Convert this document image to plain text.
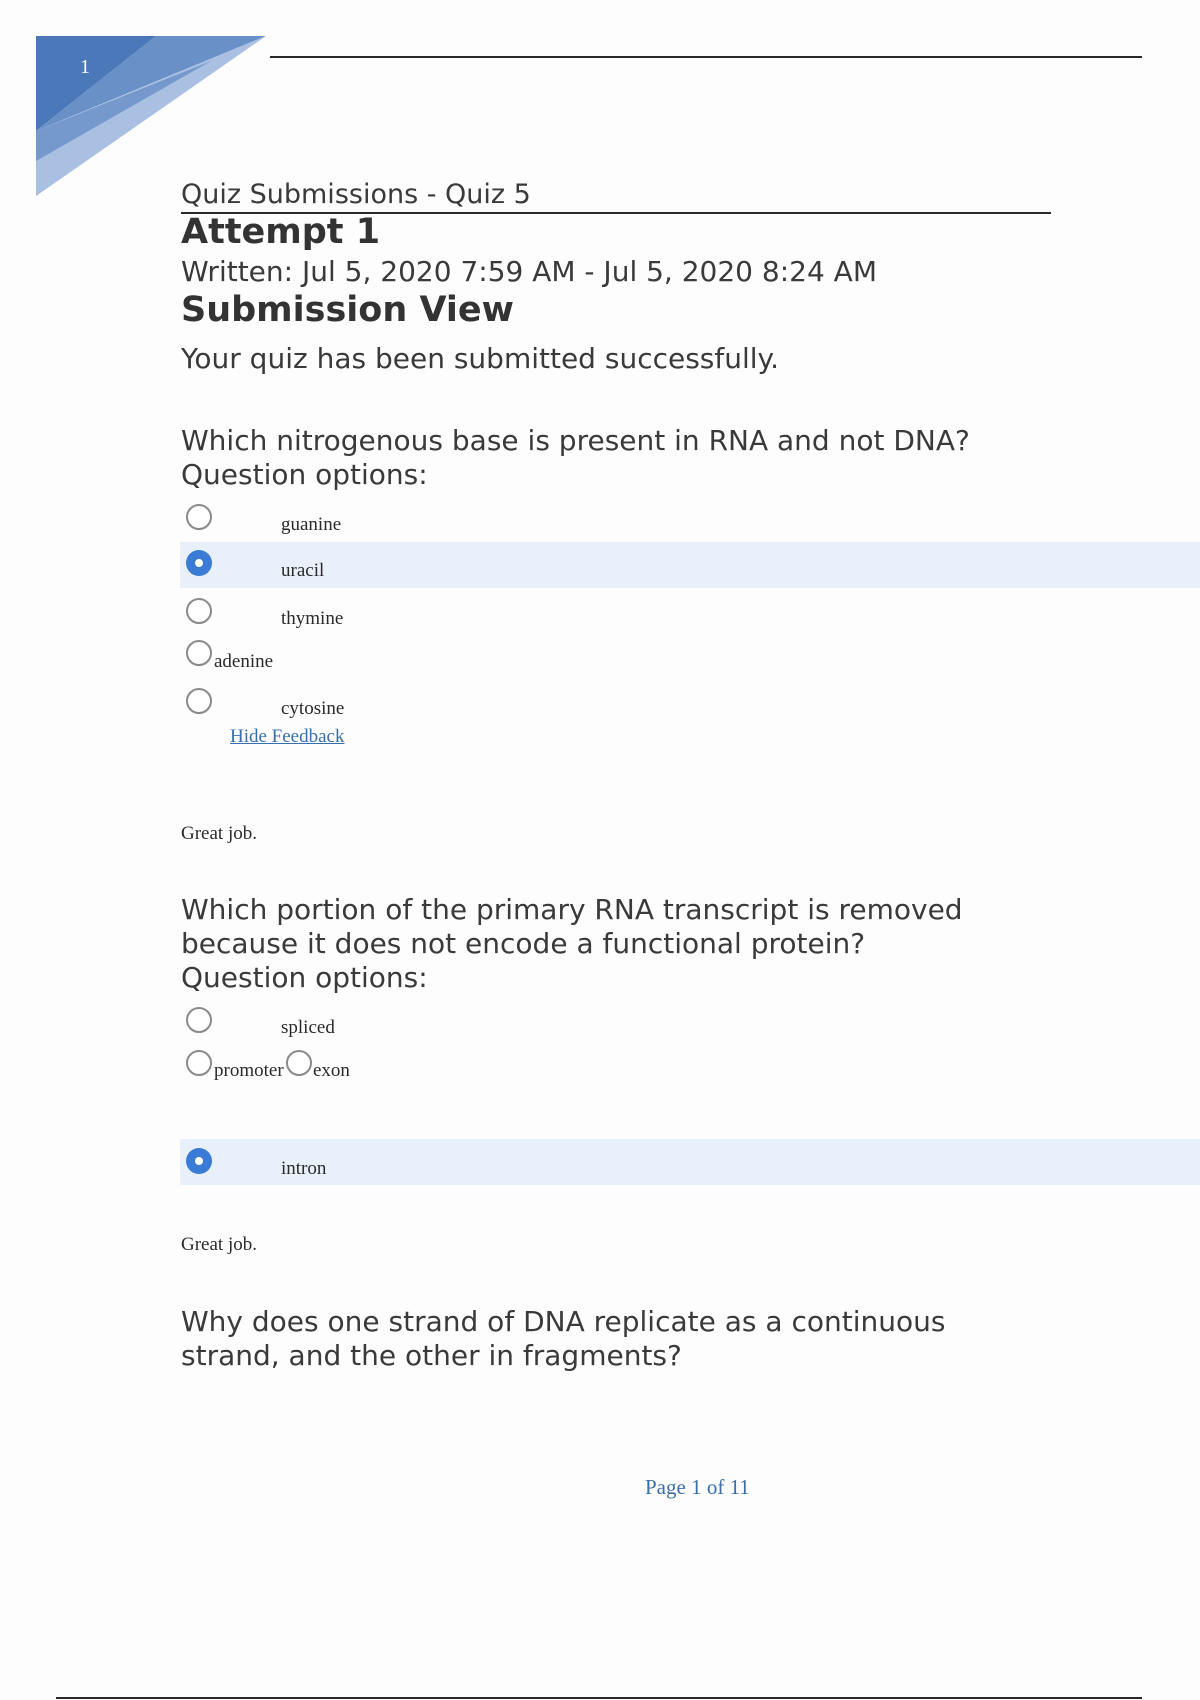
1
Quiz Submissions - Quiz 5
Attempt 1
Written: Jul 5, 2020 7:59 AM - Jul 5, 2020 8:24 AM
Submission View
Your quiz has been submitted successfully.
Which nitrogenous base is present in RNA and not DNA?
Question options:
guanine
uracil
thymine
adenine
cytosine
Hide Feedback
Great job.
Which portion of the primary RNA transcript is removed
because it does not encode a functional protein?
Question options:
spliced
promoter exon
intron
Great job.
Why does one strand of DNA replicate as a continuous
strand, and the other in fragments?
Page 1 of 11
